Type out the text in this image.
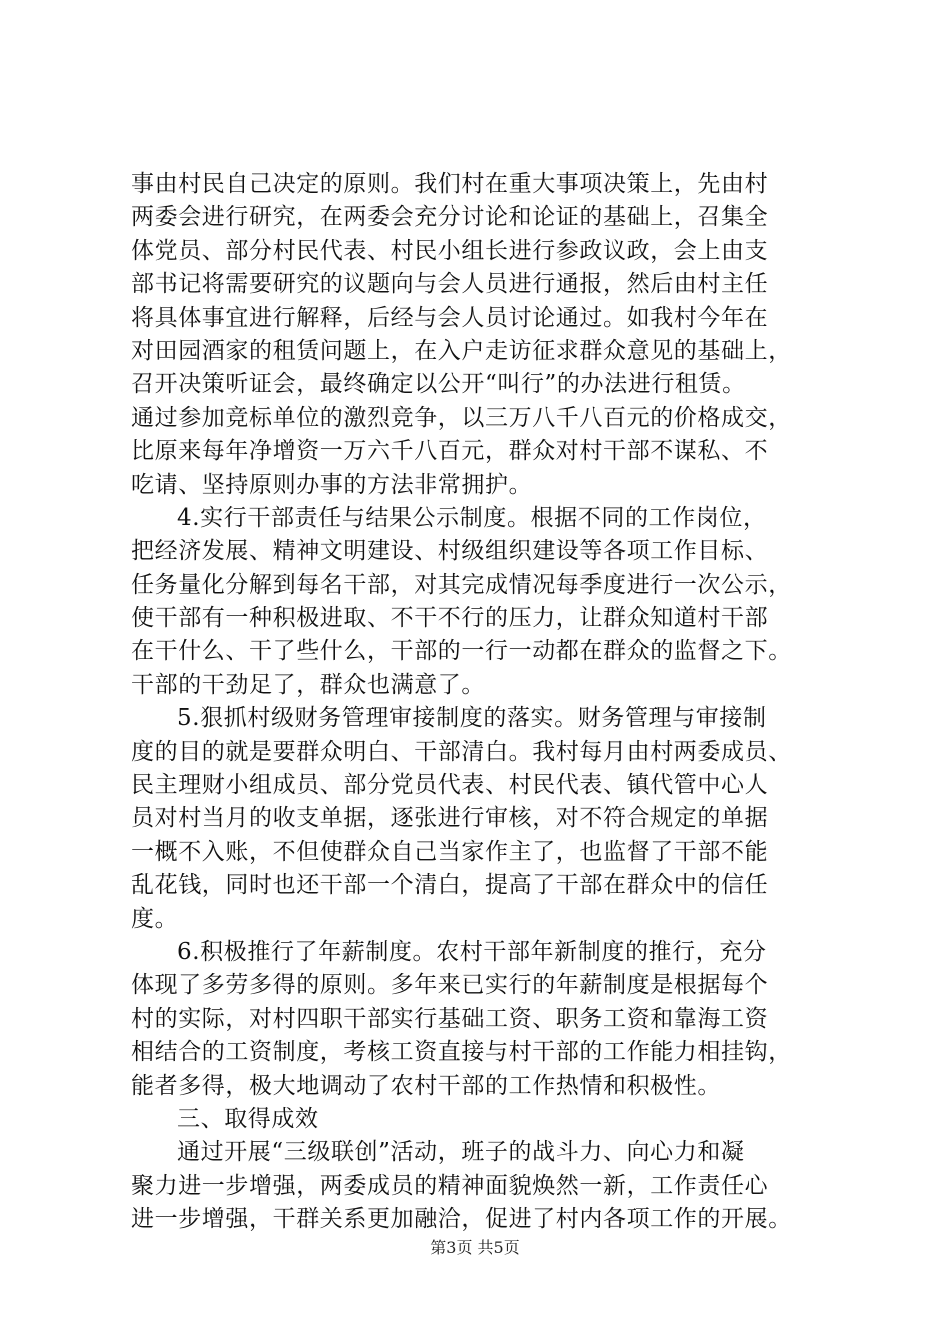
事由村民自己决定的原则。我们村在重大事项决策上，先由村
两委会进行研究，在两委会充分讨论和论证的基础上，召集全
体党员、部分村民代表、村民小组长进行参政议政，会上由支
部书记将需要研究的议题向与会人员进行通报，然后由村主任
将具体事宜进行解释，后经与会人员讨论通过。如我村今年在
对田园酒家的租赁问题上，在入户走访征求群众意见的基础上，
召开决策听证会，最终确定以公开“叫行”的办法进行租赁。
通过参加竞标单位的激烈竞争，以三万八千八百元的价格成交，
比原来每年净增资一万六千八百元，群众对村干部不谋私、不
吃请、坚持原则办事的方法非常拥护。
4.实行干部责任与结果公示制度。根据不同的工作岗位，
把经济发展、精神文明建设、村级组织建设等各项工作目标、
任务量化分解到每名干部，对其完成情况每季度进行一次公示，
使干部有一种积极进取、不干不行的压力，让群众知道村干部
在干什么、干了些什么，干部的一行一动都在群众的监督之下。
干部的干劲足了，群众也满意了。
5.狠抓村级财务管理审接制度的落实。财务管理与审接制
度的目的就是要群众明白、干部清白。我村每月由村两委成员、
民主理财小组成员、部分党员代表、村民代表、镇代管中心人
员对村当月的收支单据，逐张进行审核，对不符合规定的单据
一概不入账，不但使群众自己当家作主了，也监督了干部不能
乱花钱，同时也还干部一个清白，提高了干部在群众中的信任
度。
6.积极推行了年薪制度。农村干部年新制度的推行，充分
体现了多劳多得的原则。多年来已实行的年薪制度是根据每个
村的实际，对村四职干部实行基础工资、职务工资和靠海工资
相结合的工资制度，考核工资直接与村干部的工作能力相挂钩，
能者多得，极大地调动了农村干部的工作热情和积极性。
三、取得成效
通过开展“三级联创”活动，班子的战斗力、向心力和凝
聚力进一步增强，两委成员的精神面貌焕然一新，工作责任心
进一步增强，干群关系更加融洽，促进了村内各项工作的开展。
第3页 共5页
